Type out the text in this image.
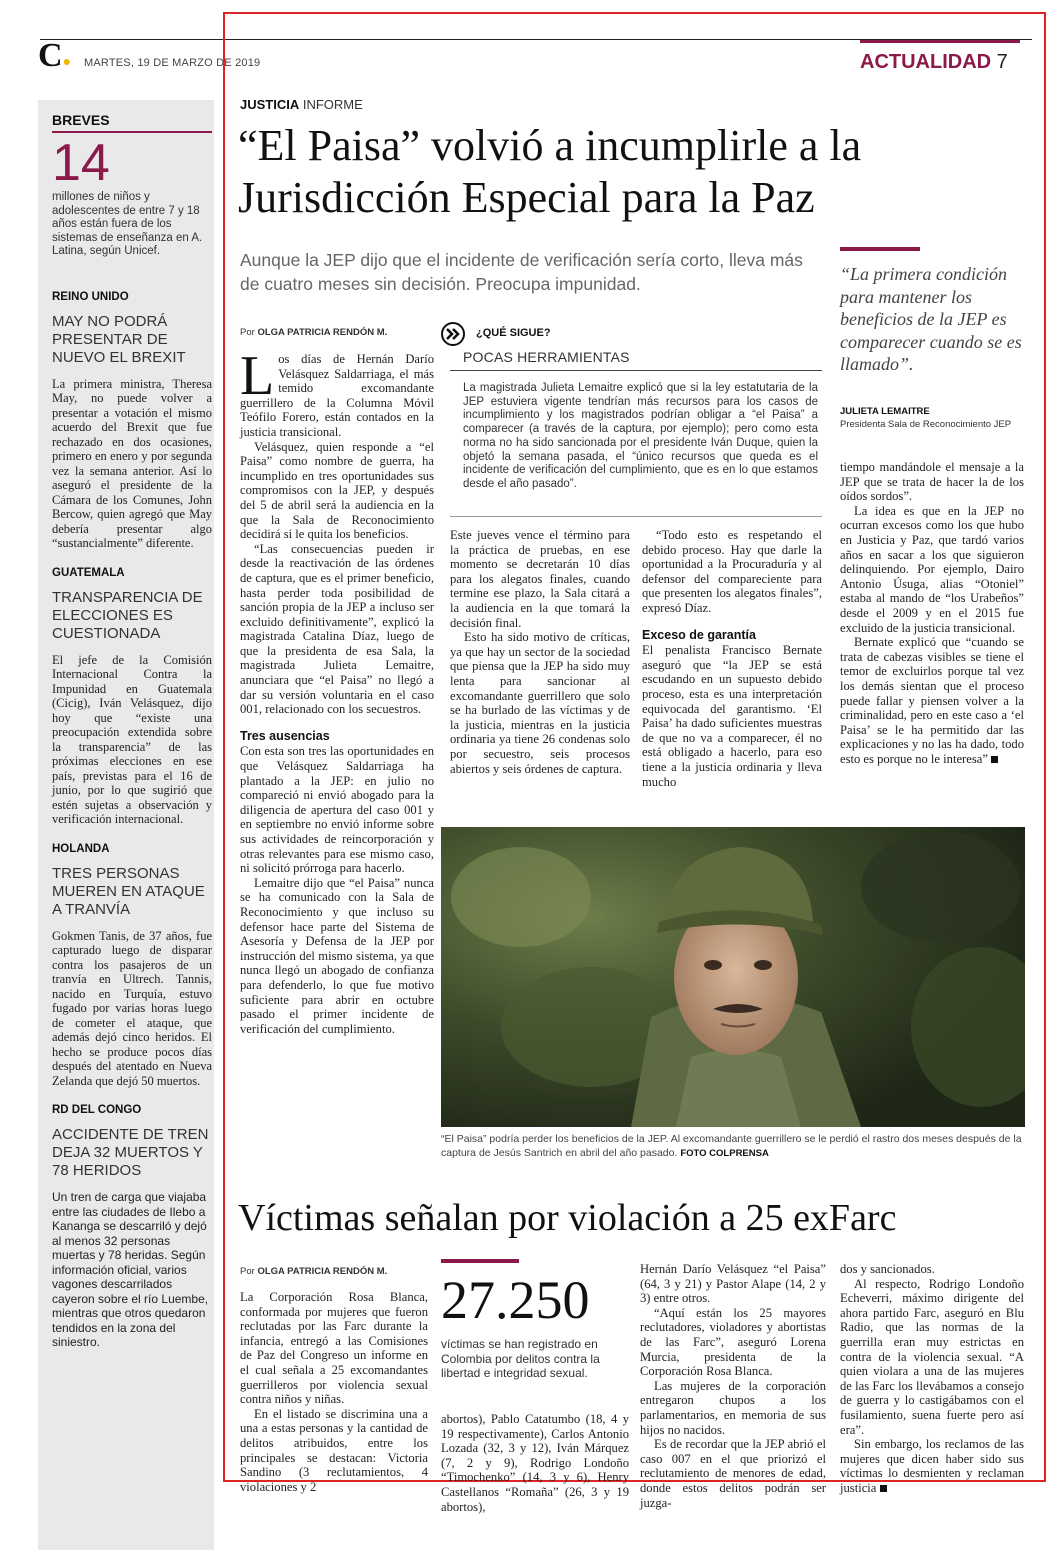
C● MARTES, 19 DE MARZO DE 2019	ACTUALIDAD 7
BREVES
14
millones de niños y adolescentes de entre 7 y 18 años están fuera de los sistemas de enseñanza en A. Latina, según Unicef.
REINO UNIDO
MAY NO PODRÁ PRESENTAR DE NUEVO EL BREXIT
La primera ministra, Theresa May, no puede volver a presentar a votación el mismo acuerdo del Brexit que fue rechazado en dos ocasiones, primero en enero y por segunda vez la semana anterior. Así lo aseguró el presidente de la Cámara de los Comunes, John Bercow, quien agregó que May debería presentar algo “sustancialmente” diferente.
GUATEMALA
TRANSPARENCIA DE ELECCIONES ES CUESTIONADA
El jefe de la Comisión Internacional Contra la Impunidad en Guatemala (Cicig), Iván Velásquez, dijo hoy que “existe una preocupación extendida sobre la transparencia” de las próximas elecciones en ese país, previstas para el 16 de junio, por lo que sugirió que estén sujetas a observación y verificación internacional.
HOLANDA
TRES PERSONAS MUEREN EN ATAQUE A TRANVÍA
Gokmen Tanis, de 37 años, fue capturado luego de disparar contra los pasajeros de un tranvía en Ultrech. Tannis, nacido en Turquía, estuvo fugado por varias horas luego de cometer el ataque, que además dejó cinco heridos. El hecho se produce pocos días después del atentado en Nueva Zelanda que dejó 50 muertos.
RD DEL CONGO
ACCIDENTE DE TREN DEJA 32 MUERTOS Y 78 HERIDOS
Un tren de carga que viajaba entre las ciudades de Ilebo a Kananga se descarriló y dejó al menos 32 personas muertas y 78 heridas. Según información oficial, varios vagones descarrilados cayeron sobre el río Luembe, mientras que otros quedaron tendidos en la zona del siniestro.
JUSTICIA INFORME
“El Paisa” volvió a incumplirle a la Jurisdicción Especial para la Paz
Aunque la JEP dijo que el incidente de verificación sería corto, lleva más de cuatro meses sin decisión. Preocupa impunidad.
Por OLGA PATRICIA RENDÓN M.

Los días de Hernán Darío Velásquez Saldarriaga, el más temido excomandante guerrillero de la Columna Móvil Teófilo Forero, están contados en la justicia transicional.

Velásquez, quien responde a “el Paisa” como nombre de guerra, ha incumplido en tres oportunidades sus compromisos con la JEP, y después del 5 de abril será la audiencia en la que la Sala de Reconocimiento decidirá si le quita los beneficios.

“Las consecuencias pueden ir desde la reactivación de las órdenes de captura, que es el primer beneficio, hasta perder toda posibilidad de sanción propia de la JEP a incluso ser excluido definitivamente”, explicó la magistrada Catalina Díaz, luego de que la presidenta de esa Sala, la magistrada Julieta Lemaitre, anunciara que “el Paisa” no llegó a dar su versión voluntaria en el caso 001, relacionado con los secuestros.

Tres ausencias

Con esta son tres las oportunidades en que Velásquez Saldarriaga ha plantado a la JEP: en julio no compareció ni envió abogado para la diligencia de apertura del caso 001 y en septiembre no envió informe sobre sus actividades de reincorporación y otras relevantes para ese mismo caso, ni solicitó prórroga para hacerlo.

Lemaitre dijo que “el Paisa” nunca se ha comunicado con la Sala de Reconocimiento y que incluso su defensor hace parte del Sistema de Asesoría y Defensa de la JEP por instrucción del mismo sistema, ya que nunca llegó un abogado de confianza para defenderlo, lo que fue motivo suficiente para abrir en octubre pasado el primer incidente de verificación del cumplimiento.

¿QUÉ SIGUE?
POCAS HERRAMIENTAS
La magistrada Julieta Lemaitre explicó que si la ley estatutaria de la JEP estuviera vigente tendrían más recursos para los casos de incumplimiento y los magistrados podrían obligar a “el Paisa” a comparecer (a través de la captura, por ejemplo); pero como esta norma no ha sido sancionada por el presidente Iván Duque, quien la objetó la semana pasada, el “único recursos que queda es el incidente de verificación del cumplimiento, que es en lo que estamos desde el año pasado”.

Este jueves vence el término para la práctica de pruebas, en ese momento se decretarán 10 días para los alegatos finales, cuando termine ese plazo, la Sala citará a la audiencia en la que tomará la decisión final.

Esto ha sido motivo de críticas, ya que hay un sector de la sociedad que piensa que la JEP ha sido muy lenta para sancionar al excomandante guerrillero que solo se ha burlado de las víctimas y de la justicia, mientras en la justicia ordinaria ya tiene 26 condenas solo por secuestro, seis procesos abiertos y seis órdenes de captura.

“Todo esto es respetando el debido proceso. Hay que darle la oportunidad a la Procuraduría y al defensor del compareciente para que presenten los alegatos finales”, expresó Díaz.

Exceso de garantía

El penalista Francisco Bernate aseguró que “la JEP se está escudando en un supuesto debido proceso, esta es una interpretación equivocada del garantismo. ‘El Paisa’ ha dado suficientes muestras de que no va a comparecer, él no está obligado a hacerlo, para eso tiene a la justicia ordinaria y lleva mucho

“La primera condición para mantener los beneficios de la JEP es comparecer cuando se es llamado”.
JULIETA LEMAITRE
Presidenta Sala de Reconocimiento JEP

tiempo mandándole el mensaje a la JEP que se trata de hacer la de los oídos sordos”.

La idea es que en la JEP no ocurran excesos como los que hubo en Justicia y Paz, que tardó varios años en sacar a los que siguieron delinquiendo. Por ejemplo, Dairo Antonio Úsuga, alias “Otoniel” estaba al mando de “los Urabeños” desde el 2009 y en el 2015 fue excluido de la justicia transicional.

Bernate explicó que “cuando se trata de cabezas visibles se tiene el temor de excluirlos porque tal vez los demás sientan que el proceso puede fallar y piensen volver a la criminalidad, pero en este caso a ‘el Paisa’ se le ha permitido dar las explicaciones y no las ha dado, todo esto es porque no le interesa”

“El Paisa” podría perder los beneficios de la JEP. Al excomandante guerrillero se le perdió el rastro dos meses después de la captura de Jesús Santrich en abril del año pasado. FOTO COLPRENSA
Víctimas señalan por violación a 25 exFarc
Por OLGA PATRICIA RENDÓN M.

La Corporación Rosa Blanca, conformada por mujeres que fueron reclutadas por las Farc durante la infancia, entregó a las Comisiones de Paz del Congreso un informe en el cual señala a 25 excomandantes guerrilleros por violencia sexual contra niños y niñas.

En el listado se discrimina una a una a estas personas y la cantidad de delitos atribuidos, entre los principales se destacan: Victoria Sandino (3 reclutamientos, 4 violaciones y 2

27.250
víctimas se han registrado en Colombia por delitos contra la libertad e integridad sexual.

abortos), Pablo Catatumbo (18, 4 y 19 respectivamente), Carlos Antonio Lozada (32, 3 y 12), Iván Márquez (7, 2 y 9), Rodrigo Londoño “Timochenko” (14, 3 y 6), Henry Castellanos “Romaña” (26, 3 y 19 abortos),

Hernán Darío Velásquez “el Paisa” (64, 3 y 21) y Pastor Alape (14, 2 y 3) entre otros.

“Aquí están los 25 mayores reclutadores, violadores y abortistas de las Farc”, aseguró Lorena Murcia, presidenta de la Corporación Rosa Blanca.

Las mujeres de la corporación entregaron chupos a los parlamentarios, en memoria de sus hijos no nacidos.

Es de recordar que la JEP abrió el caso 007 en el que priorizó el reclutamiento de menores de edad, donde estos delitos podrán ser juzga-

dos y sancionados.

Al respecto, Rodrigo Londoño Echeverri, máximo dirigente del ahora partido Farc, aseguró en Blu Radio, que las normas de la guerrilla eran muy estrictas en contra de la violencia sexual. “A quien violara a una de las mujeres de las Farc los llevábamos a consejo de guerra y lo castigábamos con el fusilamiento, suena fuerte pero así era”.

Sin embargo, los reclamos de las mujeres que dicen haber sido sus víctimas lo desmienten y reclaman justicia
